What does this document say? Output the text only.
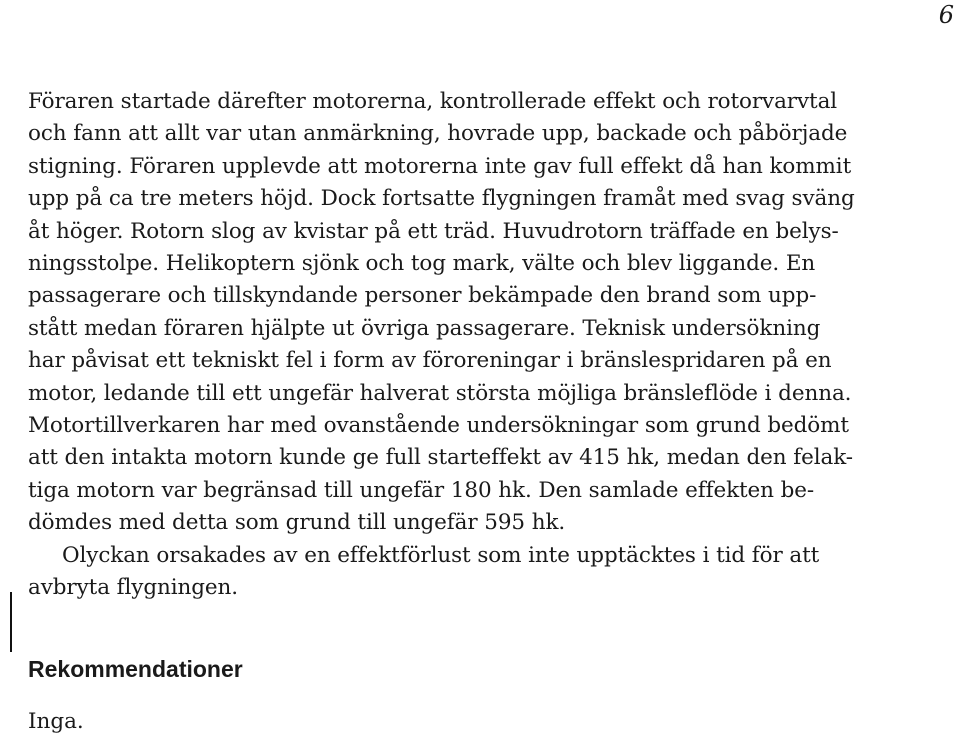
6
Föraren startade därefter motorerna, kontrollerade effekt och rotorvarvtal
och fann att allt var utan anmärkning, hovrade upp, backade och påbörjade
stigning. Föraren upplevde att motorerna inte gav full effekt då han kommit
upp på ca tre meters höjd. Dock fortsatte flygningen framåt med svag sväng
åt höger. Rotorn slog av kvistar på ett träd. Huvudrotorn träffade en belys-
ningsstolpe. Helikoptern sjönk och tog mark, välte och blev liggande. En
passagerare och tillskyndande personer bekämpade den brand som upp-
stått medan föraren hjälpte ut övriga passagerare. Teknisk undersökning
har påvisat ett tekniskt fel i form av föroreningar i bränslespridaren på en
motor, ledande till ett ungefär halverat största möjliga bränsleflöde i denna.
Motortillverkaren har med ovanstående undersökningar som grund bedömt
att den intakta motorn kunde ge full starteffekt av 415 hk, medan den felak-
tiga motorn var begränsad till ungefär 180 hk. Den samlade effekten be-
dömdes med detta som grund till ungefär 595 hk.
Olyckan orsakades av en effektförlust som inte upptäcktes i tid för att
avbryta flygningen.
Rekommendationer
Inga.
